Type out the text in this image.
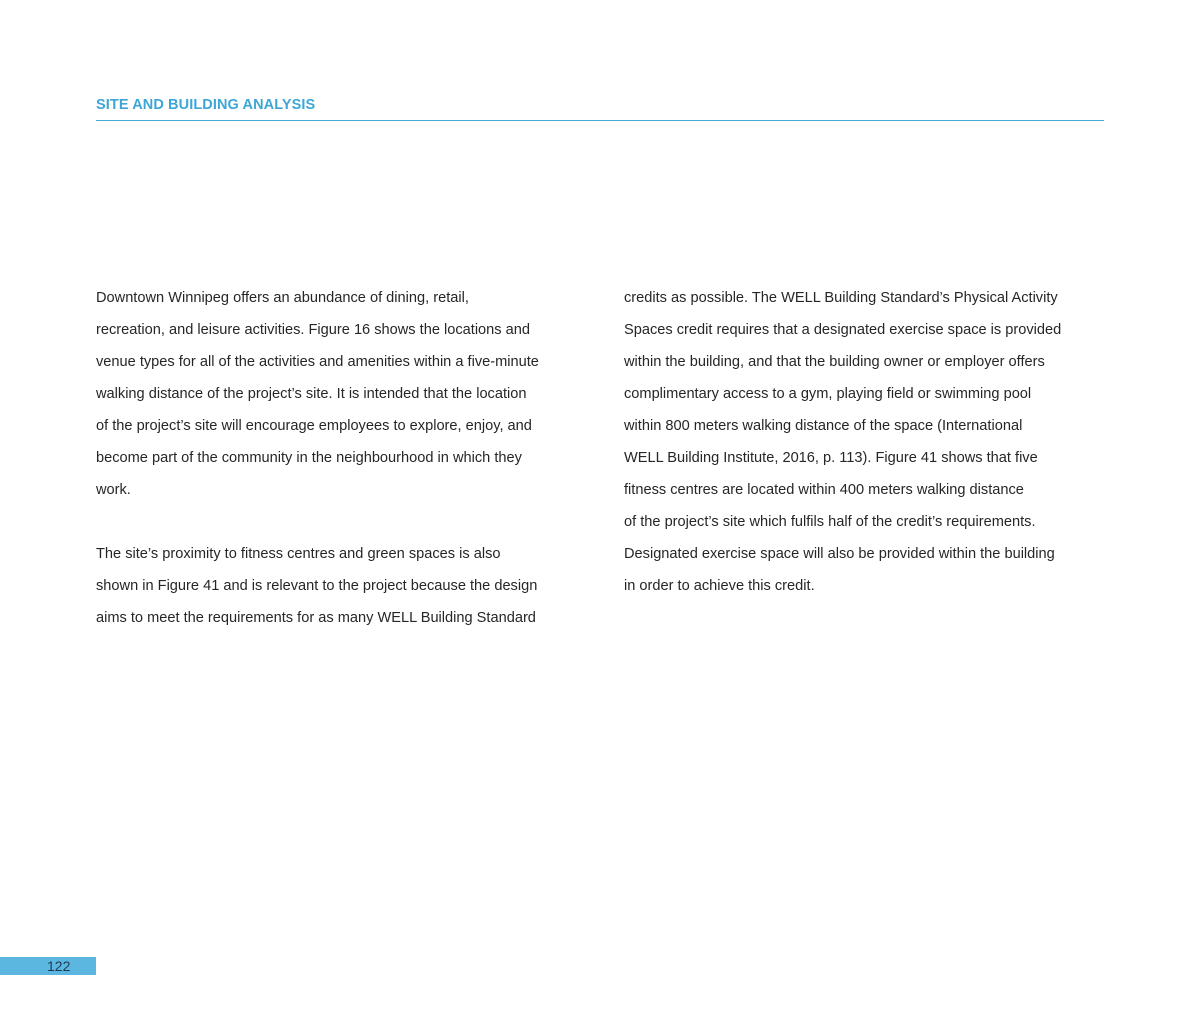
SITE AND BUILDING ANALYSIS

Downtown Winnipeg offers an abundance of dining, retail,
recreation, and leisure activities. Figure 16 shows the locations and
venue types for all of the activities and amenities within a five-minute
walking distance of the project’s site. It is intended that the location
of the project’s site will encourage employees to explore, enjoy, and
become part of the community in the neighbourhood in which they
work.

The site’s proximity to fitness centres and green spaces is also
shown in Figure 41 and is relevant to the project because the design
aims to meet the requirements for as many WELL Building Standard

credits as possible. The WELL Building Standard’s Physical Activity
Spaces credit requires that a designated exercise space is provided
within the building, and that the building owner or employer offers
complimentary access to a gym, playing field or swimming pool
within 800 meters walking distance of the space (International
WELL Building Institute, 2016, p. 113). Figure 41 shows that five
fitness centres are located within 400 meters walking distance
of the project’s site which fulfils half of the credit’s requirements.
Designated exercise space will also be provided within the building
in order to achieve this credit.

122
